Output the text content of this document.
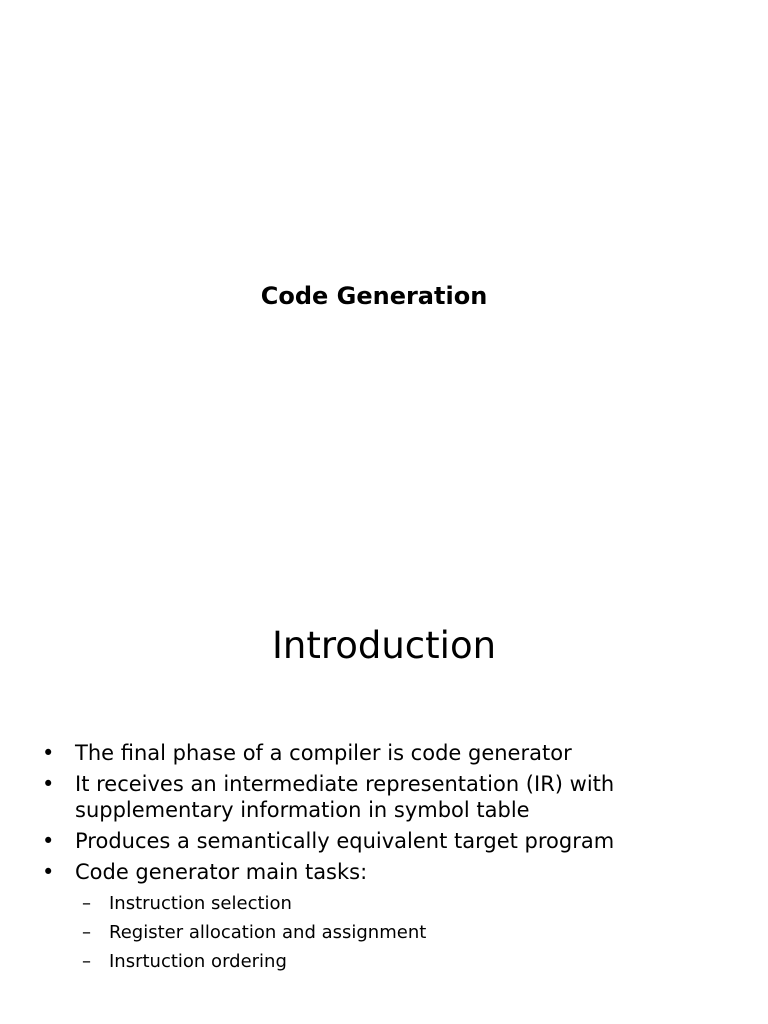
Code Generation
Introduction
• The final phase of a compiler is code generator
• It receives an intermediate representation (IR) with supplementary information in symbol table
• Produces a semantically equivalent target program
• Code generator main tasks:
– Instruction selection
– Register allocation and assignment
– Insrtuction ordering
